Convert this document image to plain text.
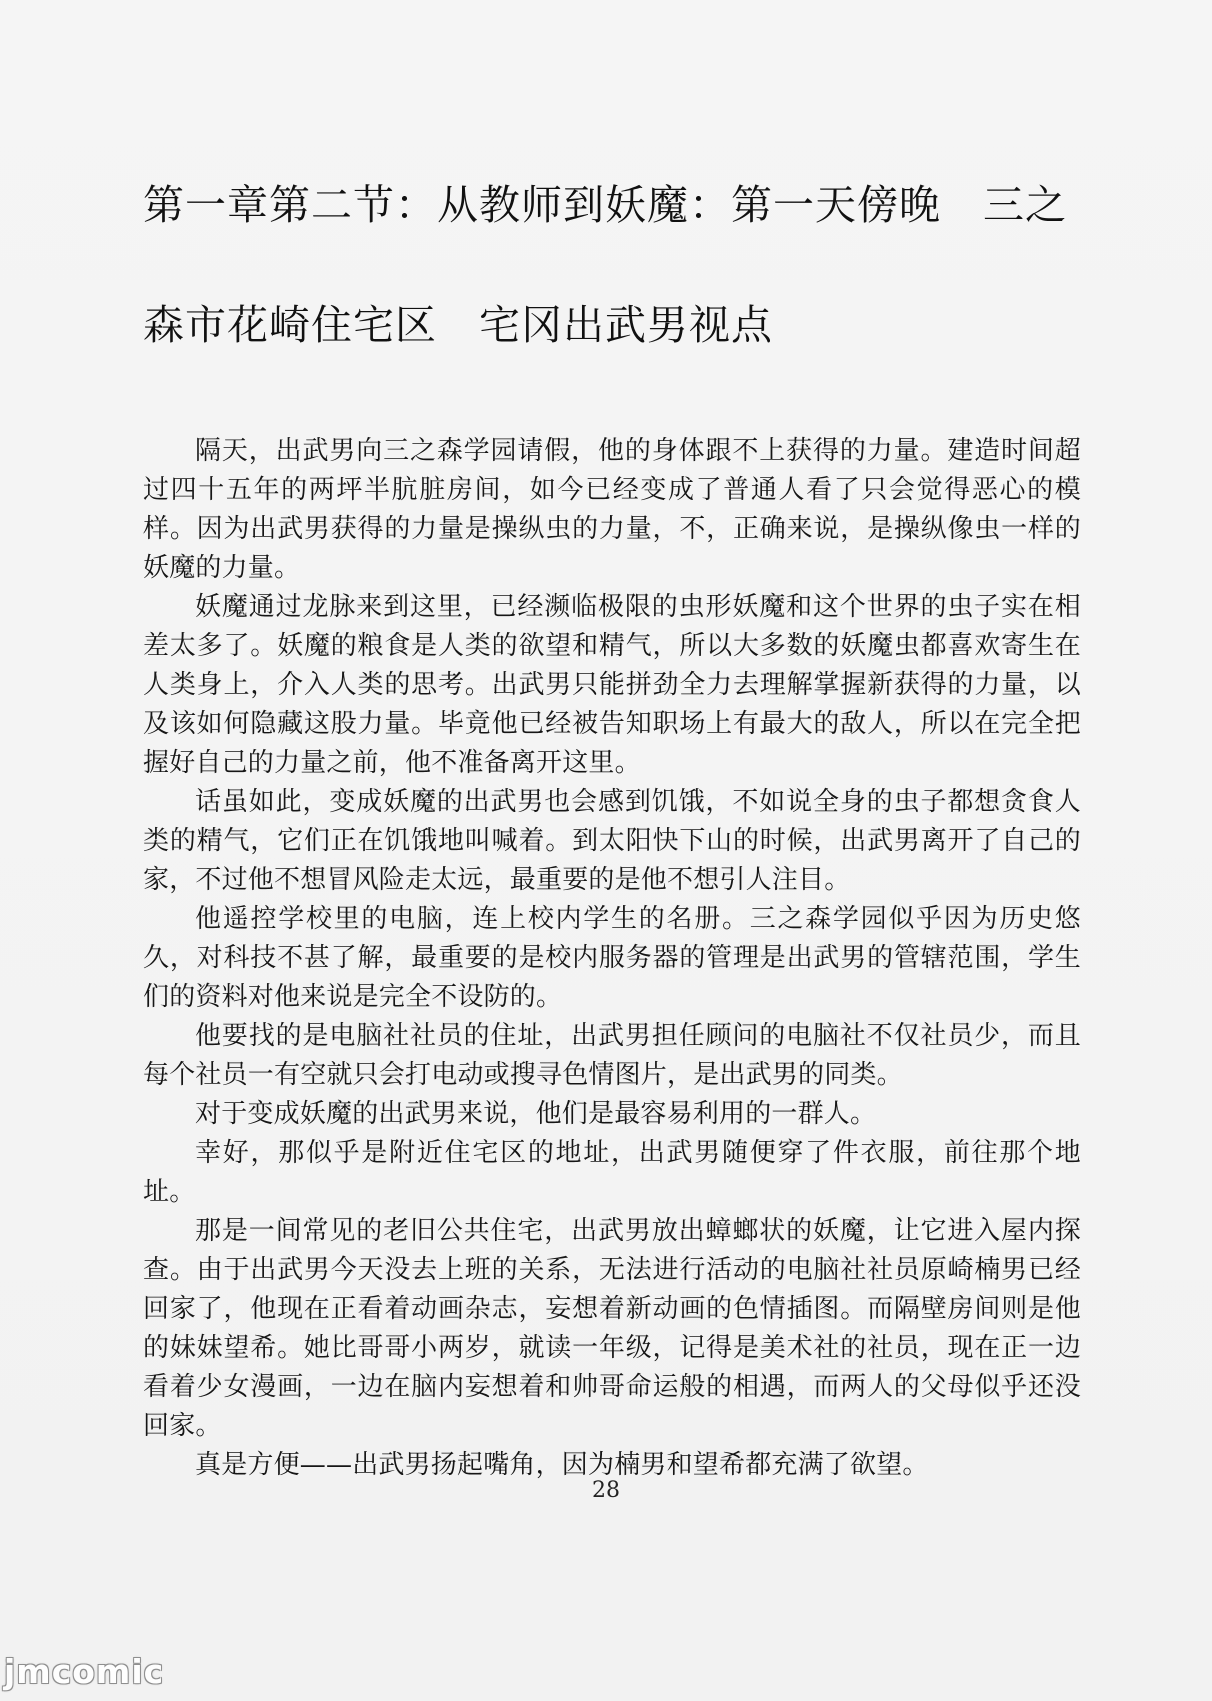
第一章第二节：从教师到妖魔：第一天傍晚　三之
森市花崎住宅区　宅冈出武男视点

隔天，出武男向三之森学园请假，他的身体跟不上获得的力量。建造时间超过四十五年的两坪半肮脏房间，如今已经变成了普通人看了只会觉得恶心的模样。因为出武男获得的力量是操纵虫的力量，不，正确来说，是操纵像虫一样的妖魔的力量。

妖魔通过龙脉来到这里，已经濒临极限的虫形妖魔和这个世界的虫子实在相差太多了。妖魔的粮食是人类的欲望和精气，所以大多数的妖魔虫都喜欢寄生在人类身上，介入人类的思考。出武男只能拼劲全力去理解掌握新获得的力量，以及该如何隐藏这股力量。毕竟他已经被告知职场上有最大的敌人，所以在完全把握好自己的力量之前，他不准备离开这里。

话虽如此，变成妖魔的出武男也会感到饥饿，不如说全身的虫子都想贪食人类的精气，它们正在饥饿地叫喊着。到太阳快下山的时候，出武男离开了自己的家，不过他不想冒风险走太远，最重要的是他不想引人注目。

他遥控学校里的电脑，连上校内学生的名册。三之森学园似乎因为历史悠久，对科技不甚了解，最重要的是校内服务器的管理是出武男的管辖范围，学生们的资料对他来说是完全不设防的。

他要找的是电脑社社员的住址，出武男担任顾问的电脑社不仅社员少，而且每个社员一有空就只会打电动或搜寻色情图片，是出武男的同类。

对于变成妖魔的出武男来说，他们是最容易利用的一群人。

幸好，那似乎是附近住宅区的地址，出武男随便穿了件衣服，前往那个地址。

那是一间常见的老旧公共住宅，出武男放出蟑螂状的妖魔，让它进入屋内探查。由于出武男今天没去上班的关系，无法进行活动的电脑社社员原崎楠男已经回家了，他现在正看着动画杂志，妄想着新动画的色情插图。而隔壁房间则是他的妹妹望希。她比哥哥小两岁，就读一年级，记得是美术社的社员，现在正一边看着少女漫画，一边在脑内妄想着和帅哥命运般的相遇，而两人的父母似乎还没回家。

真是方便——出武男扬起嘴角，因为楠男和望希都充满了欲望。

28
jmcomic
